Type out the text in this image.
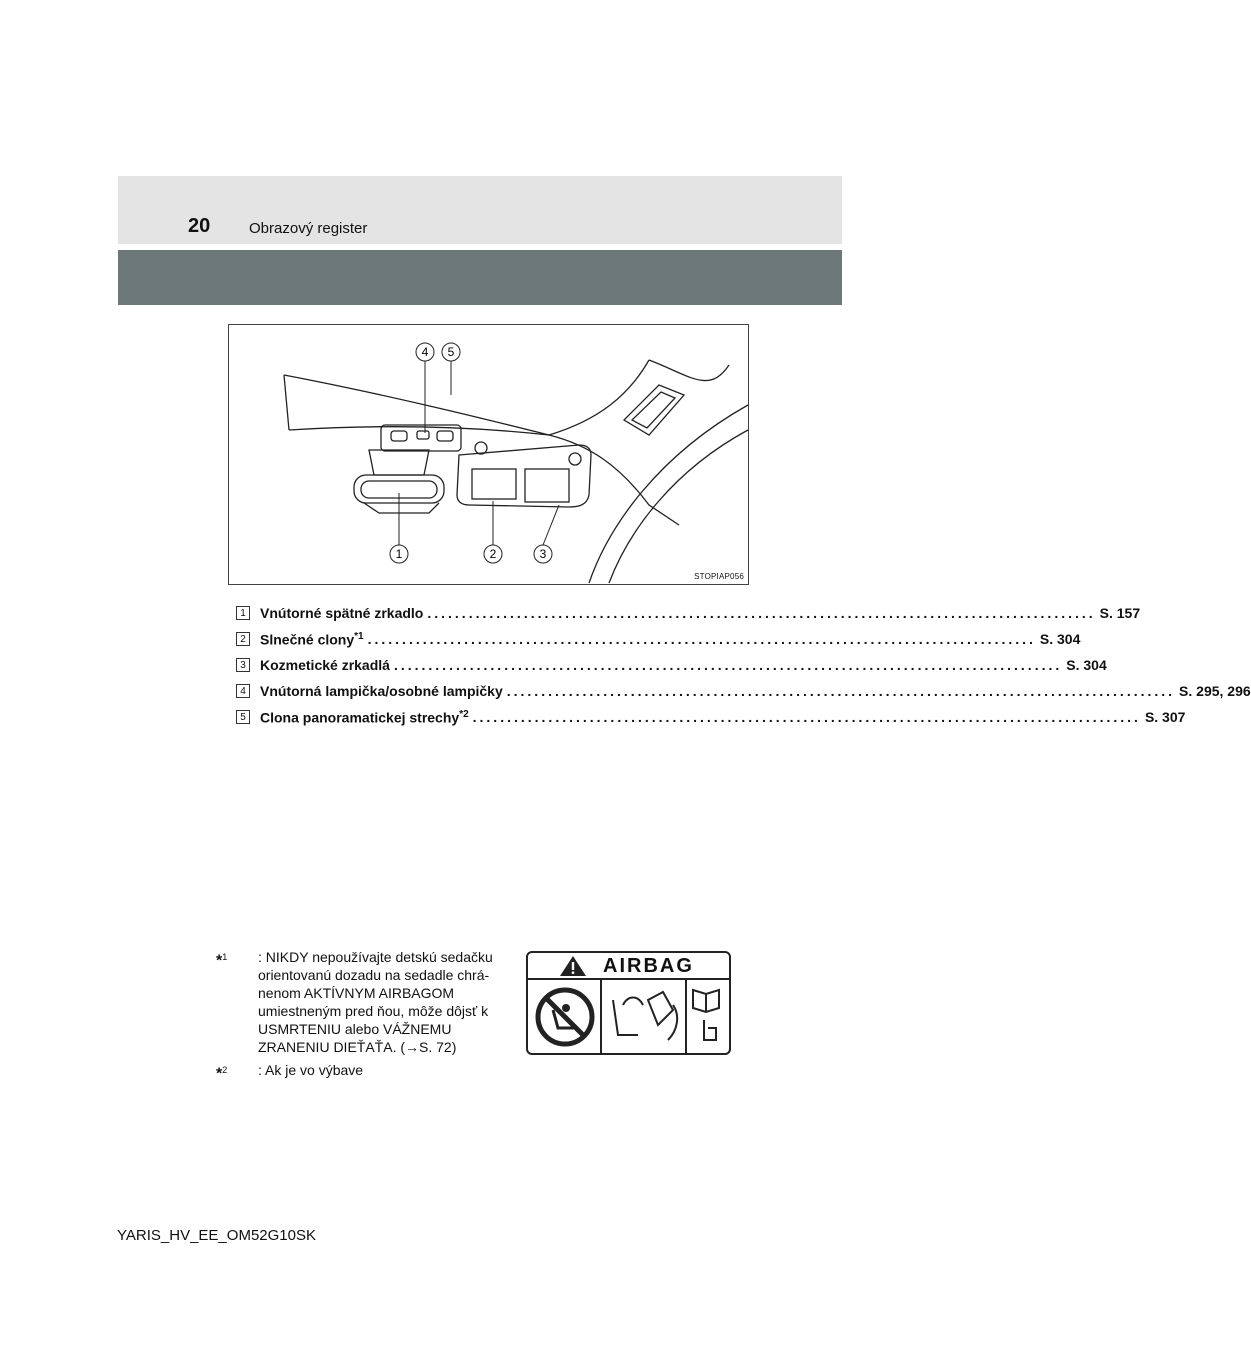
20	Obrazový register
4 5
1	2	3
STOPIAP056
1	Vnútorné spätné zrkadlo ................................................................................................. S. 157
2	Slnečné clony$^{*1}$ ................................................................................................. S. 304
3	Kozmetické zrkadlá ................................................................................................. S. 304
4	Vnútorná lampička/osobné lampičky ................................................................................................. S. 295, 296
5	Clona panoramatickej strechy$^{*2}$ ................................................................................................. S. 307
*$^1$ : NIKDY nepoužívajte detskú sedačku orientovanú dozadu na sedadle chrá-nenom AKTÍVNYM AIRBAGOM umiestneným pred ňou, môže dôjsť k USMRTENIU alebo VÁŽNEMU ZRANENIU DIEŤAŤA. (→S. 72)
*$^2$ : Ak je vo výbave
AIRBAG
YARIS_HV_EE_OM52G10SK
